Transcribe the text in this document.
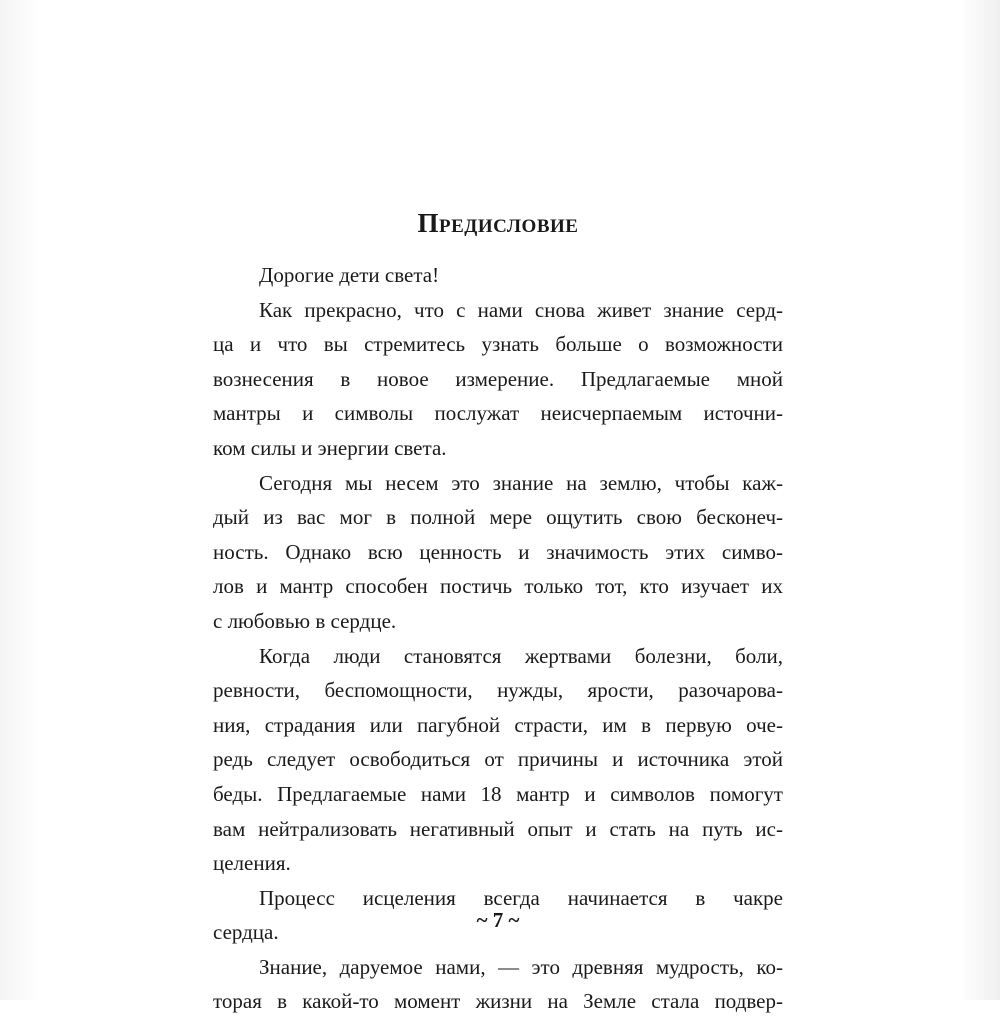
Предисловие
Дорогие дети света!
Как прекрасно, что с нами снова живет знание серд-
ца и что вы стремитесь узнать больше о возможности
вознесения в новое измерение. Предлагаемые мной
мантры и символы послужат неисчерпаемым источни-
ком силы и энергии света.
Сегодня мы несем это знание на землю, чтобы каж-
дый из вас мог в полной мере ощутить свою бесконеч-
ность. Однако всю ценность и значимость этих симво-
лов и мантр способен постичь только тот, кто изучает их
с любовью в сердце.
Когда люди становятся жертвами болезни, боли,
ревности, беспомощности, нужды, ярости, разочарова-
ния, страдания или пагубной страсти, им в первую оче-
редь следует освободиться от причины и источника этой
беды. Предлагаемые нами 18 мантр и символов помогут
вам нейтрализовать негативный опыт и стать на путь ис-
целения.
Процесс исцеления всегда начинается в чакре
сердца.
Знание, даруемое нами, — это древняя мудрость, ко-
торая в какой-то момент жизни на Земле стала подвер-
~ 7 ~
